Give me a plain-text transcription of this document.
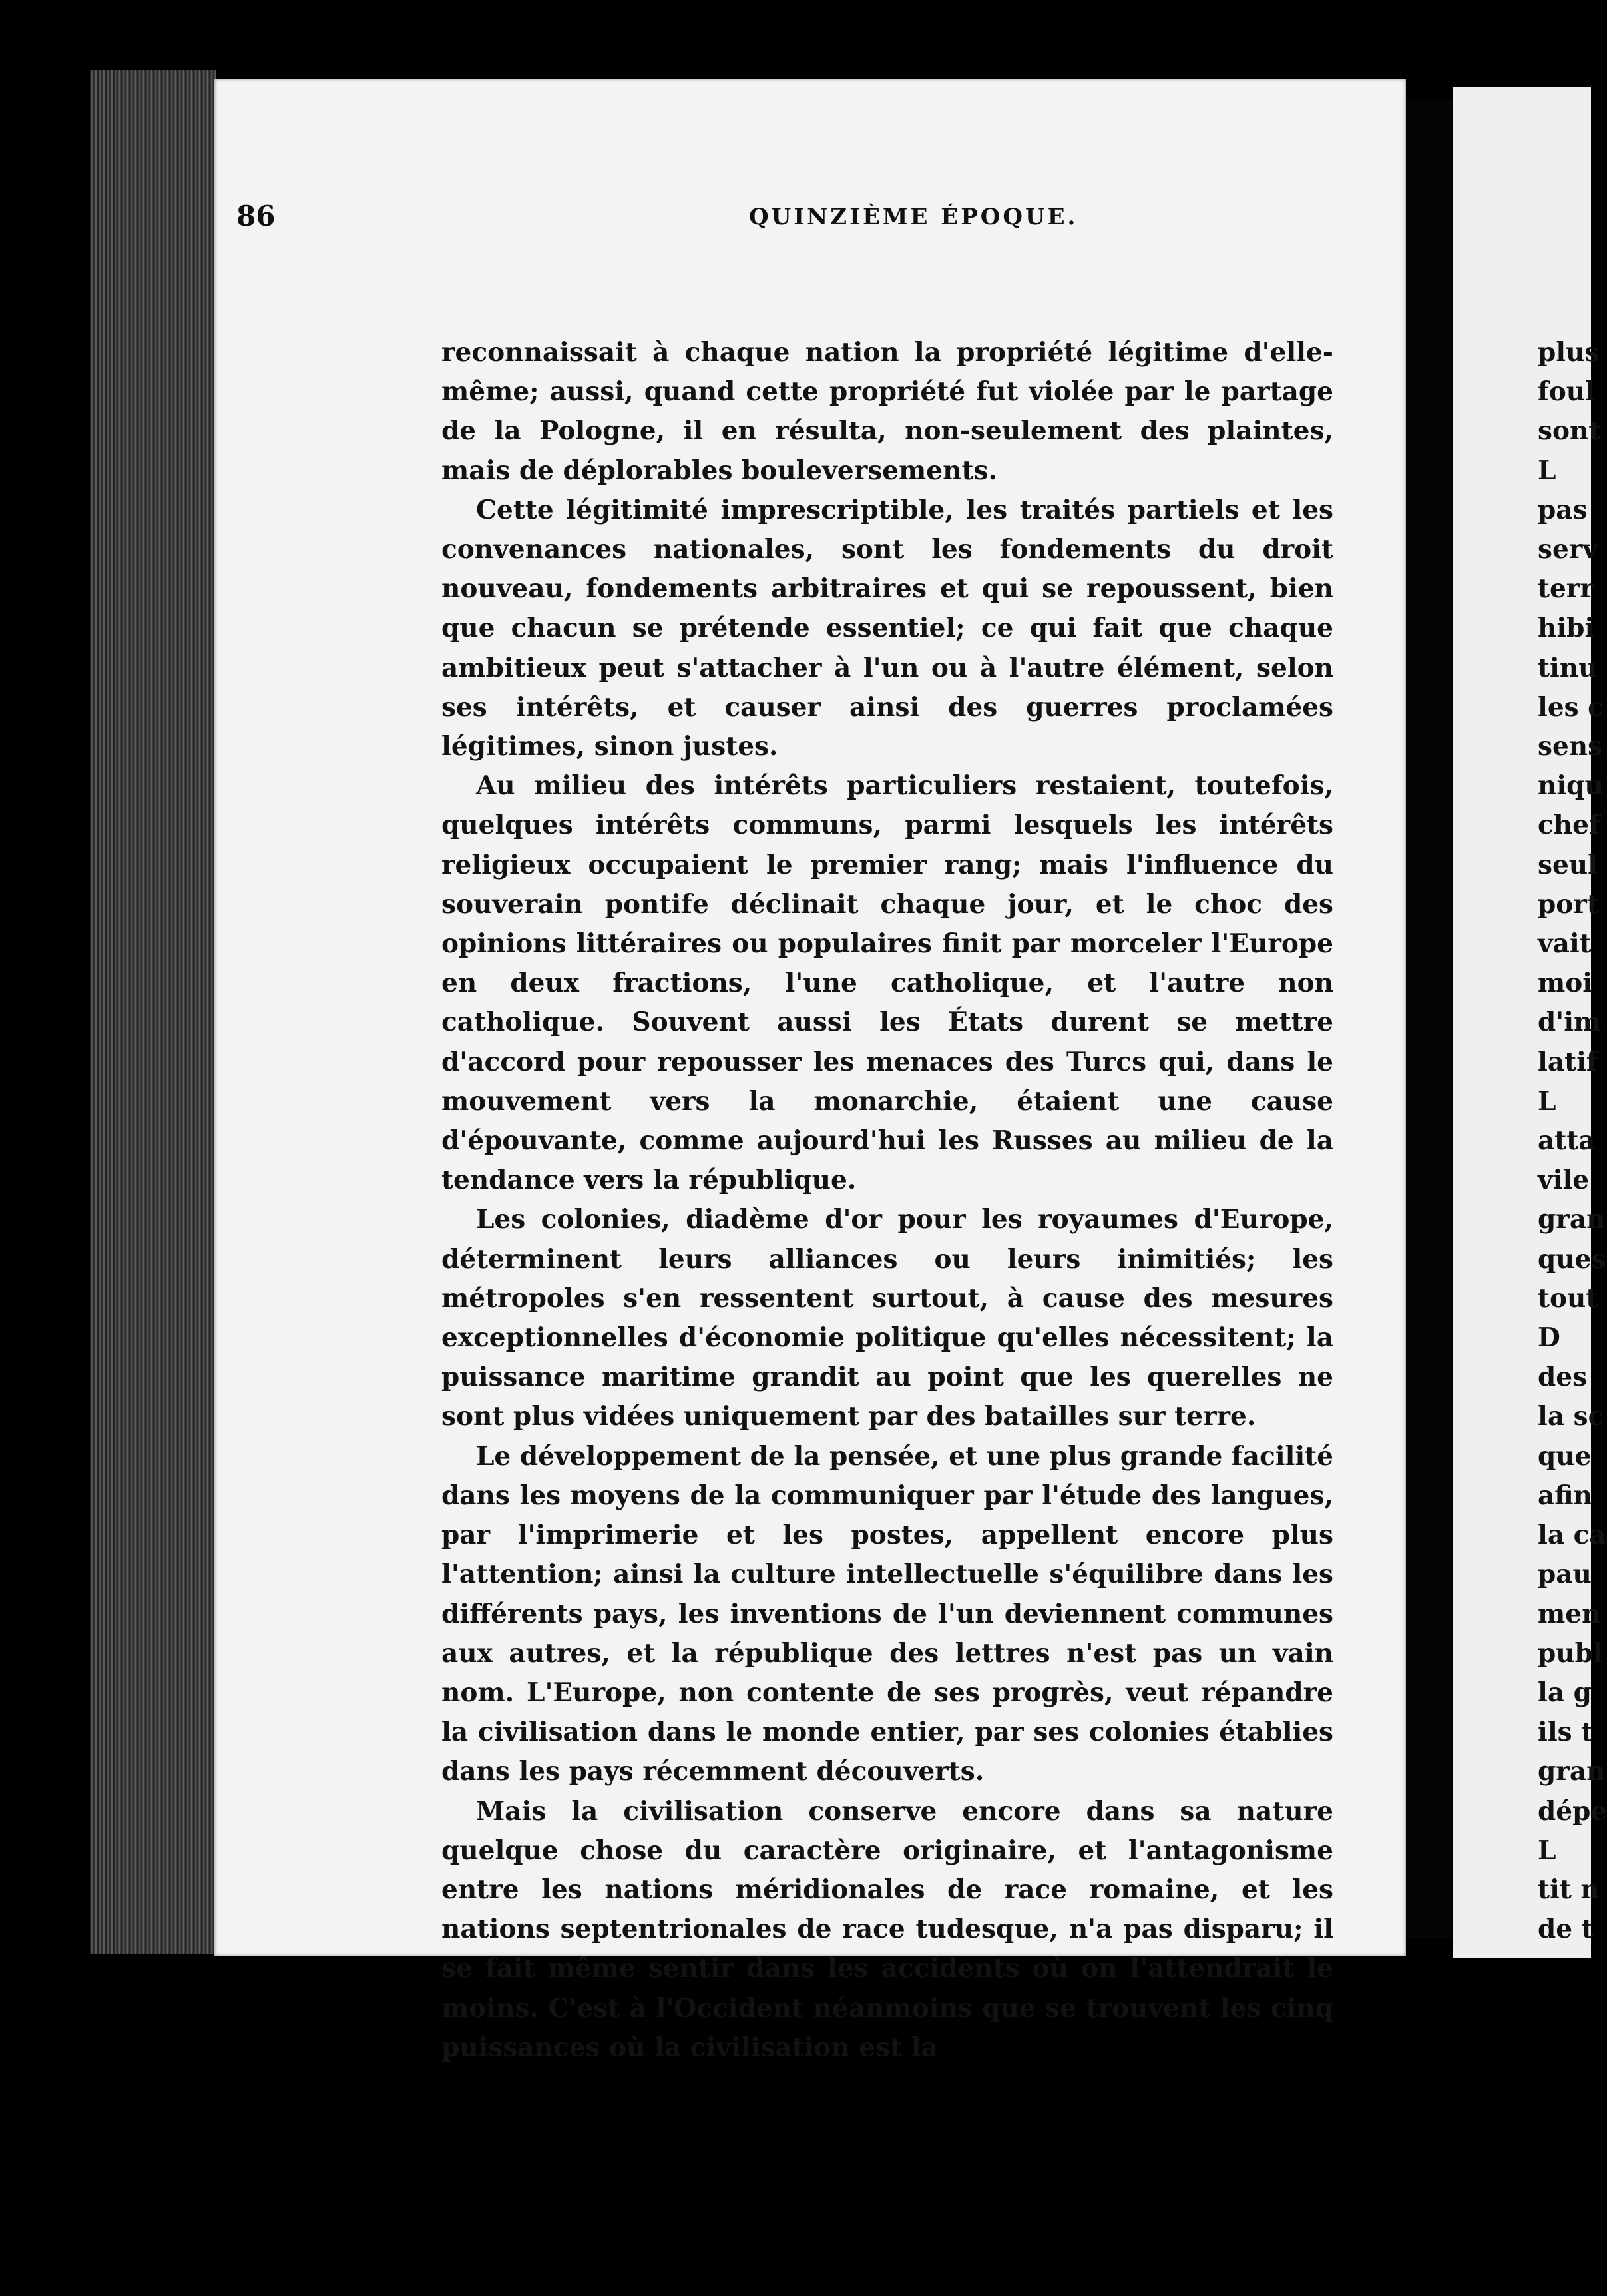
86	QUINZIÈME ÉPOQUE.

reconnaissait à chaque nation la propriété légitime d'elle-même; aussi, quand cette propriété fut violée par le partage de la Pologne, il en résulta, non-seulement des plaintes, mais de déplorables bouleversements.

Cette légitimité imprescriptible, les traités partiels et les convenances nationales, sont les fondements du droit nouveau, fondements arbitraires et qui se repoussent, bien que chacun se prétende essentiel; ce qui fait que chaque ambitieux peut s'attacher à l'un ou à l'autre élément, selon ses intérêts, et causer ainsi des guerres proclamées légitimes, sinon justes.

Au milieu des intérêts particuliers restaient, toutefois, quelques intérêts communs, parmi lesquels les intérêts religieux occupaient le premier rang; mais l'influence du souverain pontife déclinait chaque jour, et le choc des opinions littéraires ou populaires finit par morceler l'Europe en deux fractions, l'une catholique, et l'autre non catholique. Souvent aussi les États durent se mettre d'accord pour repousser les menaces des Turcs qui, dans le mouvement vers la monarchie, étaient une cause d'épouvante, comme aujourd'hui les Russes au milieu de la tendance vers la république.

Les colonies, diadème d'or pour les royaumes d'Europe, déterminent leurs alliances ou leurs inimitiés; les métropoles s'en ressentent surtout, à cause des mesures exceptionnelles d'économie politique qu'elles nécessitent; la puissance maritime grandit au point que les querelles ne sont plus vidées uniquement par des batailles sur terre.

Le développement de la pensée, et une plus grande facilité dans les moyens de la communiquer par l'étude des langues, par l'imprimerie et les postes, appellent encore plus l'attention; ainsi la culture intellectuelle s'équilibre dans les différents pays, les inventions de l'un deviennent communes aux autres, et la république des lettres n'est pas un vain nom. L'Europe, non contente de ses progrès, veut répandre la civilisation dans le monde entier, par ses colonies établies dans les pays récemment découverts.

Mais la civilisation conserve encore dans sa nature quelque chose du caractère originaire, et l'antagonisme entre les nations méridionales de race romaine, et les nations septentrionales de race tudesque, n'a pas disparu; il se fait même sentir dans les accidents où on l'attendrait le moins. C'est à l'Occident néanmoins que se trouvent les cinq puissances où la civilisation est la

plus
foul
sont
L
pas
serv
terr
hibi
tinu
les c
sens
niqu
chef
seul
port
vait
moi
d'im
latif
L
atta
vile
gran
ques
tout
D
des
la sc
que
afin
la ca
pau
men
publ
la g
ils t
gran
dépe
L
tit n
de t
